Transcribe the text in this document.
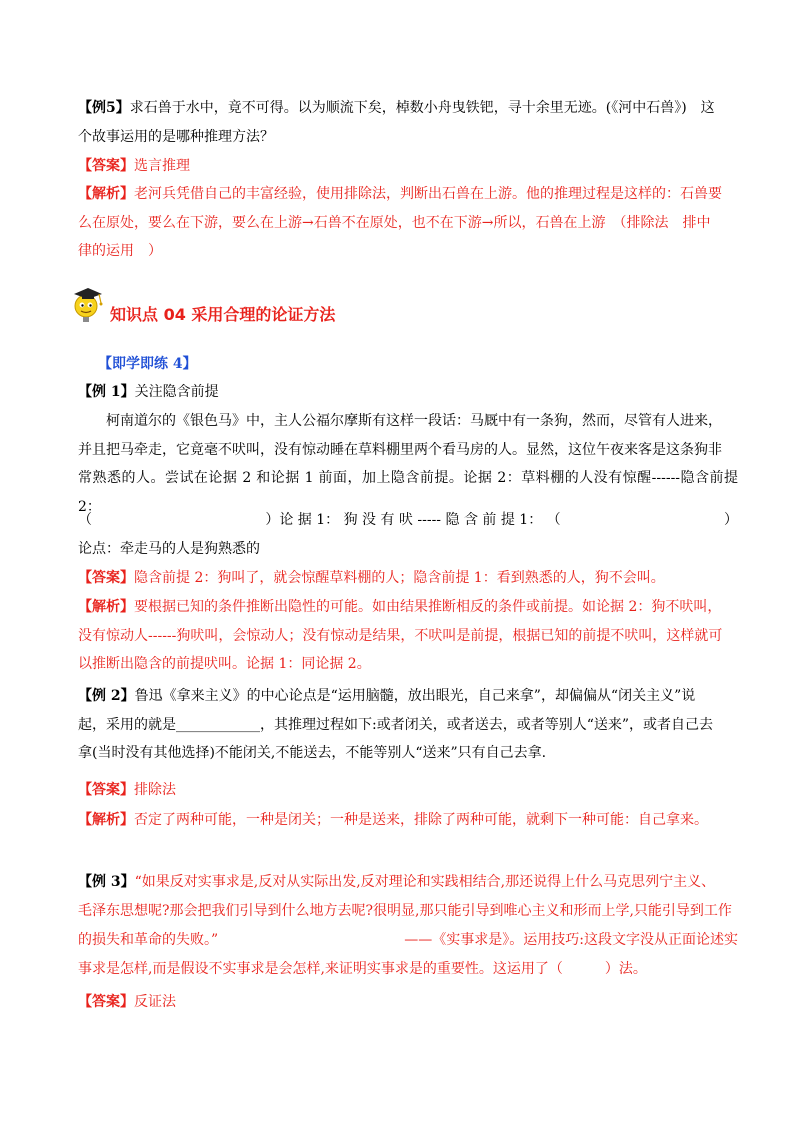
【例5】求石兽于水中，竟不可得。以为顺流下矣，棹数小舟曳铁钯，寻十余里无迹。(《河中石兽》)　这
个故事运用的是哪种推理方法？

【答案】选言推理

【解析】老河兵凭借自己的丰富经验，使用排除法，判断出石兽在上游。他的推理过程是这样的：石兽要
么在原处，要么在下游，要么在上游→石兽不在原处，也不在下游→所以，石兽在上游　（排除法　排中
律的运用　）

知识点 04 采用合理的论证方法

【即学即练 4】

【例 1】关注隐含前提

柯南道尔的《银色马》中，主人公福尔摩斯有这样一段话：马厩中有一条狗，然而，尽管有人进来，
并且把马牵走，它竟毫不吠叫，没有惊动睡在草料棚里两个看马房的人。显然，这位午夜来客是这条狗非
常熟悉的人。尝试在论据 2 和论据 1 前面，加上隐含前提。论据 2：草料棚的人没有惊醒------隐含前提 2：

（	）论 据 1： 狗 没 有 吠 ----- 隐 含 前 提 1： （	）

论点：牵走马的人是狗熟悉的

【答案】隐含前提 2：狗叫了，就会惊醒草料棚的人；隐含前提 1：看到熟悉的人，狗不会叫。

【解析】要根据已知的条件推断出隐性的可能。如由结果推断相反的条件或前提。如论据 2：狗不吠叫，
没有惊动人------狗吠叫，会惊动人；没有惊动是结果，不吠叫是前提，根据已知的前提不吠叫，这样就可
以推断出隐含的前提吠叫。论据 1：同论据 2。

【例 2】鲁迅《拿来主义》的中心论点是“运用脑髓，放出眼光，自己来拿”，却偏偏从“闭关主义”说
起，采用的就是____________，其推理过程如下:或者闭关，或者送去，或者等别人“送来”，或者自己去
拿(当时没有其他选择)不能闭关,不能送去，不能等别人“送来”只有自己去拿.

【答案】排除法

【解析】否定了两种可能，一种是闭关；一种是送来，排除了两种可能，就剩下一种可能：自己拿来。

【例 3】“如果反对实事求是,反对从实际出发,反对理论和实践相结合,那还说得上什么马克思列宁主义、
毛泽东思想呢?那会把我们引导到什么地方去呢?很明显,那只能引导到唯心主义和形而上学,只能引导到工作

的损失和革命的失败。”	——《实事求是》。运用技巧:这段文字没从正面论述实

事求是怎样,而是假设不实事求是会怎样,来证明实事求是的重要性。这运用了（　　　）法。

【答案】反证法
